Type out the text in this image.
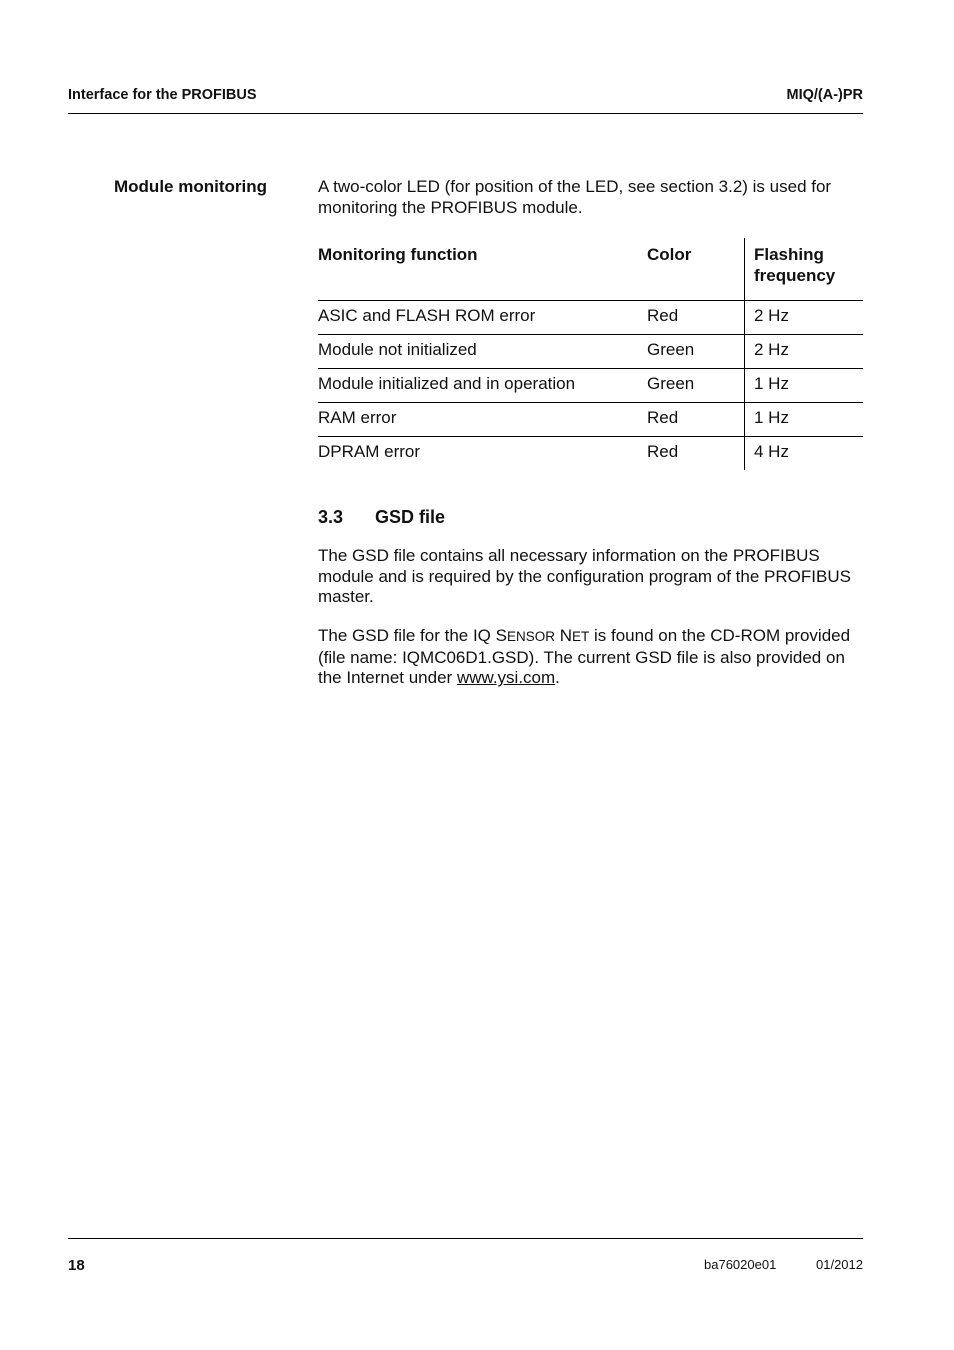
Interface for the PROFIBUS	MIQ/(A-)PR
Module monitoring	A two-color LED (for position of the LED, see section 3.2) is used for monitoring the PROFIBUS module.

Monitoring function	Color	Flashing frequency
ASIC and FLASH ROM error	Red	2 Hz
Module not initialized	Green	2 Hz
Module initialized and in operation	Green	1 Hz
RAM error	Red	1 Hz
DPRAM error	Red	4 Hz
3.3 GSD file

The GSD file contains all necessary information on the PROFIBUS module and is required by the configuration program of the PROFIBUS master.

The GSD file for the IQ SENSOR NET is found on the CD-ROM provided (file name: IQMC06D1.GSD). The current GSD file is also provided on the Internet under www.ysi.com.

18	ba76020e01	01/2012
